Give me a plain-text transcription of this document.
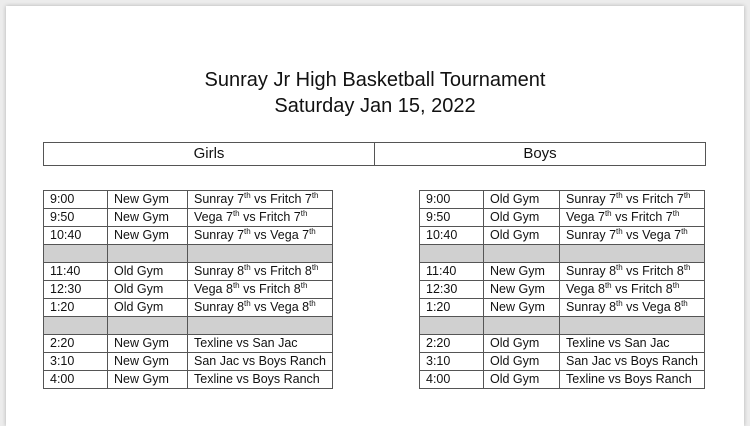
Sunray Jr High Basketball Tournament
Saturday Jan 15, 2022
Girls	Boys
9:00	New Gym	Sunray 7th vs Fritch 7th
9:50	New Gym	Vega 7th vs Fritch 7th
10:40	New Gym	Sunray 7th vs Vega 7th

11:40	Old Gym	Sunray 8th vs Fritch 8th
12:30	Old Gym	Vega 8th vs Fritch 8th
1:20	Old Gym	Sunray 8th vs Vega 8th

2:20	New Gym	Texline vs San Jac
3:10	New Gym	San Jac vs Boys Ranch
4:00	New Gym	Texline vs Boys Ranch
9:00	Old Gym	Sunray 7th vs Fritch 7th
9:50	Old Gym	Vega 7th vs Fritch 7th
10:40	Old Gym	Sunray 7th vs Vega 7th

11:40	New Gym	Sunray 8th vs Fritch 8th
12:30	New Gym	Vega 8th vs Fritch 8th
1:20	New Gym	Sunray 8th vs Vega 8th

2:20	Old Gym	Texline vs San Jac
3:10	Old Gym	San Jac vs Boys Ranch
4:00	Old Gym	Texline vs Boys Ranch
